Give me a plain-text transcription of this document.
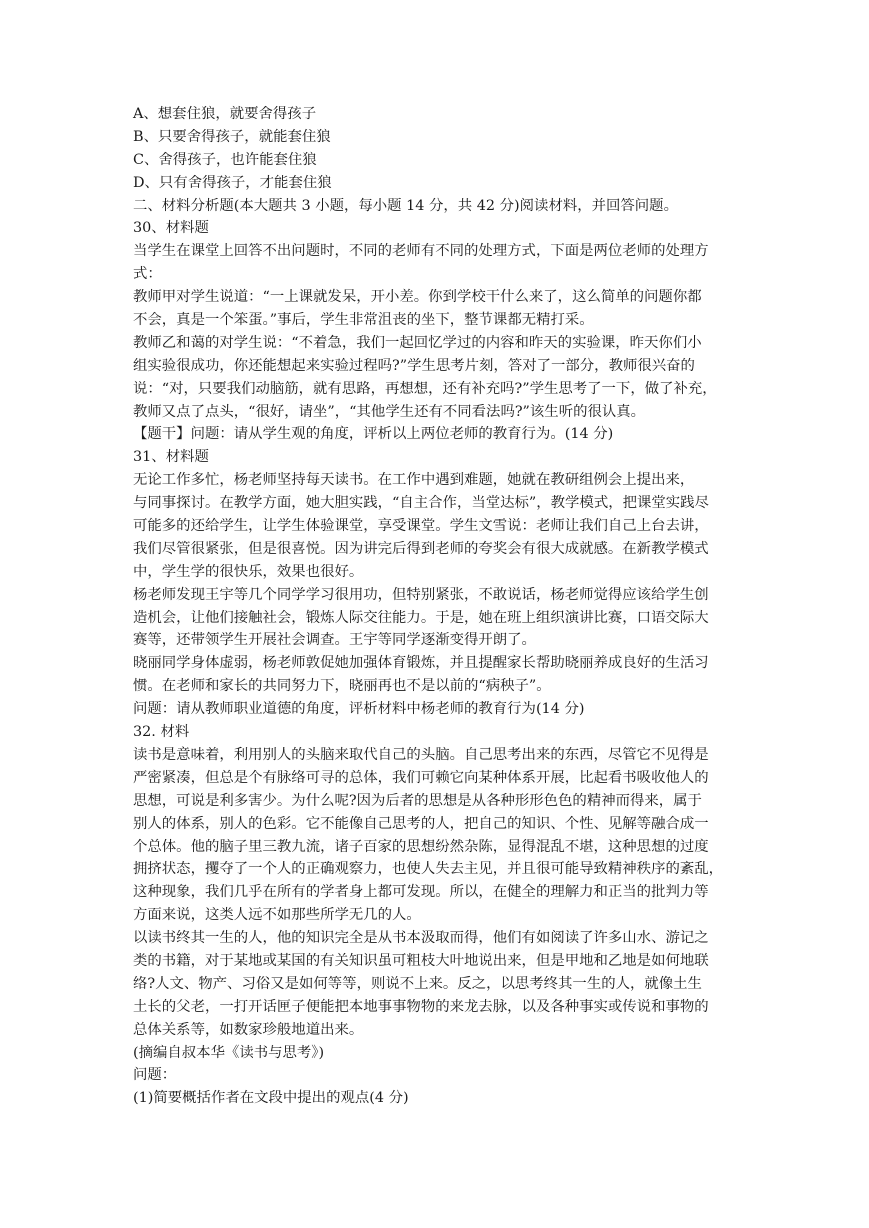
A、想套住狼，就要舍得孩子
B、只要舍得孩子，就能套住狼
C、舍得孩子，也许能套住狼
D、只有舍得孩子，才能套住狼
二、材料分析题(本大题共 3 小题，每小题 14 分，共 42 分)阅读材料，并回答问题。
30、材料题
当学生在课堂上回答不出问题时，不同的老师有不同的处理方式，下面是两位老师的处理方
式：
教师甲对学生说道：“一上课就发呆，开小差。你到学校干什么来了，这么简单的问题你都
不会，真是一个笨蛋。”事后，学生非常沮丧的坐下，整节课都无精打采。
教师乙和蔼的对学生说：“不着急，我们一起回忆学过的内容和昨天的实验课，昨天你们小
组实验很成功，你还能想起来实验过程吗?”学生思考片刻，答对了一部分，教师很兴奋的
说：“对，只要我们动脑筋，就有思路，再想想，还有补充吗?”学生思考了一下，做了补充，
教师又点了点头，“很好，请坐”，“其他学生还有不同看法吗?”该生听的很认真。
【题干】问题：请从学生观的角度，评析以上两位老师的教育行为。(14 分)
31、材料题
无论工作多忙，杨老师坚持每天读书。在工作中遇到难题，她就在教研组例会上提出来，
与同事探讨。在教学方面，她大胆实践，“自主合作，当堂达标”，教学模式，把课堂实践尽
可能多的还给学生，让学生体验课堂，享受课堂。学生文雪说：老师让我们自己上台去讲，
我们尽管很紧张，但是很喜悦。因为讲完后得到老师的夸奖会有很大成就感。在新教学模式
中，学生学的很快乐，效果也很好。
杨老师发现王宇等几个同学学习很用功，但特别紧张，不敢说话，杨老师觉得应该给学生创
造机会，让他们接触社会，锻炼人际交往能力。于是，她在班上组织演讲比赛，口语交际大
赛等，还带领学生开展社会调查。王宇等同学逐渐变得开朗了。
晓丽同学身体虚弱，杨老师敦促她加强体育锻炼，并且提醒家长帮助晓丽养成良好的生活习
惯。在老师和家长的共同努力下，晓丽再也不是以前的“病秧子”。
问题：请从教师职业道德的角度，评析材料中杨老师的教育行为(14 分)
32. 材料
读书是意味着，利用别人的头脑来取代自己的头脑。自己思考出来的东西，尽管它不见得是
严密紧凑，但总是个有脉络可寻的总体，我们可赖它向某种体系开展，比起看书吸收他人的
思想，可说是利多害少。为什么呢?因为后者的思想是从各种形形色色的精神而得来，属于
别人的体系，别人的色彩。它不能像自己思考的人，把自己的知识、个性、见解等融合成一
个总体。他的脑子里三教九流，诸子百家的思想纷然杂陈，显得混乱不堪，这种思想的过度
拥挤状态，攫夺了一个人的正确观察力，也使人失去主见，并且很可能导致精神秩序的紊乱，
这种现象，我们几乎在所有的学者身上都可发现。所以，在健全的理解力和正当的批判力等
方面来说，这类人远不如那些所学无几的人。
以读书终其一生的人，他的知识完全是从书本汲取而得，他们有如阅读了许多山水、游记之
类的书籍，对于某地或某国的有关知识虽可粗枝大叶地说出来，但是甲地和乙地是如何地联
络?人文、物产、习俗又是如何等等，则说不上来。反之，以思考终其一生的人，就像土生
土长的父老，一打开话匣子便能把本地事事物物的来龙去脉，以及各种事实或传说和事物的
总体关系等，如数家珍般地道出来。
(摘编自叔本华《读书与思考》)
问题：
(1)简要概括作者在文段中提出的观点(4 分)
